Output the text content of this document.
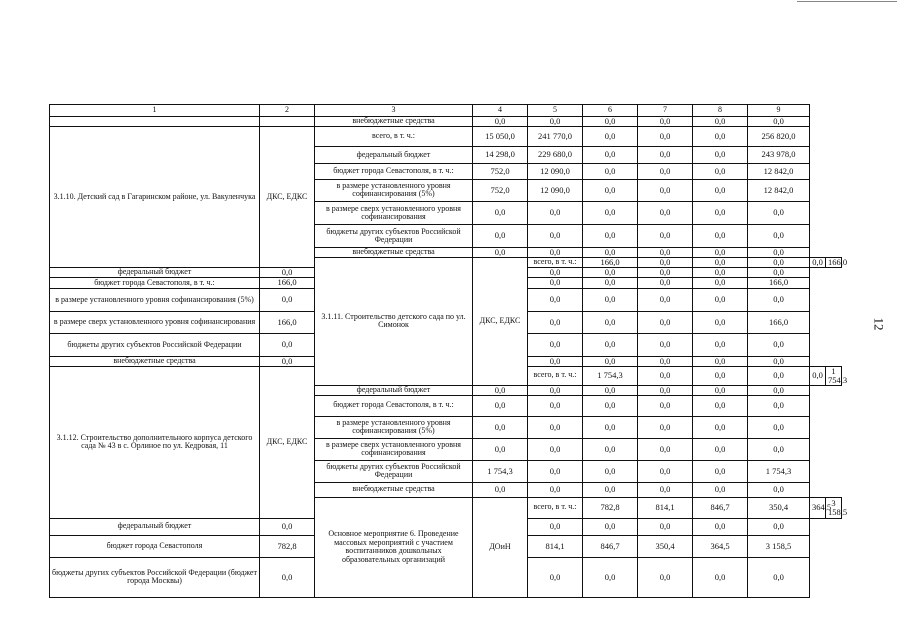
12
1	2	3	4	5	6	7	8	9		
		внебюджетные средства	0,0	0,0	0,0	0,0	0,0	0,0		
3.1.10. Детский сад в Гагаринском районе, ул. Вакуленчука	ДКС, ЕДКС	всего, в т. ч.:	15 050,0	241 770,0	0,0	0,0	0,0	256 820,0		
		федеральный бюджет	14 298,0	229 680,0	0,0	0,0	0,0	243 978,0		
		бюджет города Севастополя, в т. ч.:	752,0	12 090,0	0,0	0,0	0,0	12 842,0		
		в размере установленного уровня софинансирования (5%)	752,0	12 090,0	0,0	0,0	0,0	12 842,0		
		в размере сверх установленного уровня софинансирования	0,0	0,0	0,0	0,0	0,0	0,0		
		бюджеты других субъектов Российской Федерации	0,0	0,0	0,0	0,0	0,0	0,0		
		внебюджетные средства	0,0	0,0	0,0	0,0	0,0	0,0		
		3.1.11. Строительство детского сада по ул. Симонок	ДКС, ЕДКС	всего, в т. ч.:	166,0	0,0	0,0	0,0	0,0	166,0
федеральный бюджет	0,0			0,0	0,0	0,0	0,0	0,0		
бюджет города Севастополя, в т. ч.:	166,0			0,0	0,0	0,0	0,0	166,0		
в размере установленного уровня софинансирования (5%)	0,0			0,0	0,0	0,0	0,0	0,0		
в размере сверх установленного уровня софинансирования	166,0			0,0	0,0	0,0	0,0	166,0		
бюджеты других субъектов Российской Федерации	0,0			0,0	0,0	0,0	0,0	0,0		
внебюджетные средства	0,0			0,0	0,0	0,0	0,0	0,0		
3.1.12. Строительство дополнительного корпуса детского сада № 43 в с. Орлиное по ул. Кедровая, 11	ДКС, ЕДКС			всего, в т. ч.:	1 754,3	0,0	0,0	0,0	0,0	1 754,3
		федеральный бюджет	0,0	0,0	0,0	0,0	0,0	0,0		
		бюджет города Севастополя, в т. ч.:	0,0	0,0	0,0	0,0	0,0	0,0		
		в размере установленного уровня софинансирования (5%)	0,0	0,0	0,0	0,0	0,0	0,0		
		в размере сверх установленного уровня софинансирования	0,0	0,0	0,0	0,0	0,0	0,0		
		бюджеты других субъектов Российской Федерации	1 754,3	0,0	0,0	0,0	0,0	1 754,3		
		внебюджетные средства	0,0	0,0	0,0	0,0	0,0	0,0		
		Основное мероприятие 6. Проведение массовых мероприятий с участием воспитанников дошкольных образовательных организаций	ДОиН	всего, в т. ч.:	782,8	814,1	846,7	350,4	364,5	3 158,5
федеральный бюджет	0,0			0,0	0,0	0,0	0,0	0,0		
бюджет города Севастополя	782,8			814,1	846,7	350,4	364,5	3 158,5		
бюджеты других субъектов Российской Федерации (бюджет города Москвы)	0,0			0,0	0,0	0,0	0,0	0,0		
